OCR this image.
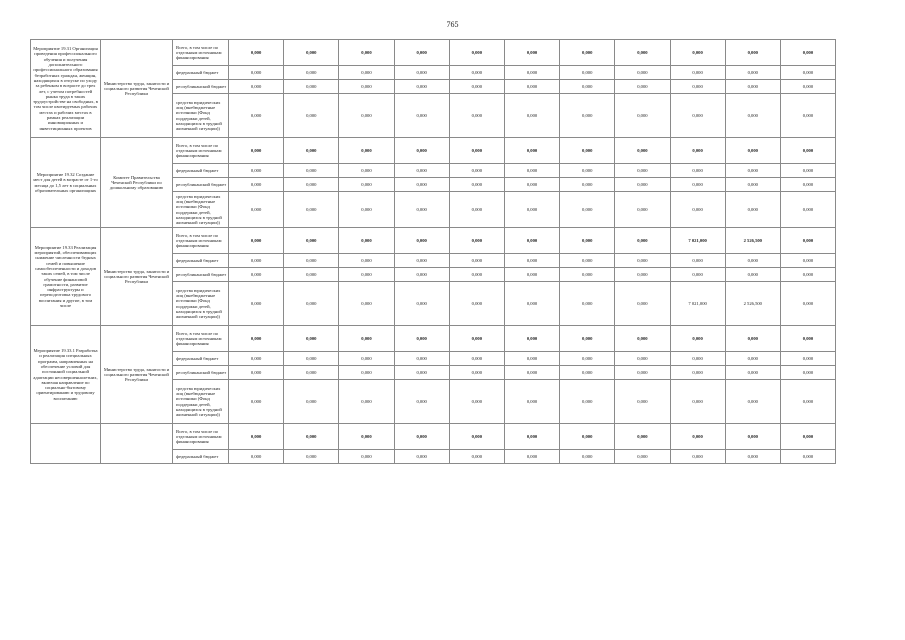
765
Мероприятие 19.31 Организация проведения профессионального обучения и получения дополнительного профессионального образования безработных граждан, женщин, находящихся в отпуске по уходу за ребенком в возрасте до трех лет, с учетом потребностей рынка труда в таких трудоустройстве на свободных, в том числе квотируемых рабочих местах и рабочих местах в рамках реализации инновационных и инвестиционных проектов	Министерство труда, занятости и социального развития Чеченской Республики	Всего, в том числе по отдельным источникам финансирования	0,000	0,000	0,000	0,000	0,000	0,000	0,000	0,000	0,000	0,000	0,000
		федеральный бюджет	0,000	0,000	0,000	0,000	0,000	0,000	0,000	0,000	0,000	0,000	0,000
		республиканский бюджет	0,000	0,000	0,000	0,000	0,000	0,000	0,000	0,000	0,000	0,000	0,000
		средства юридических лиц (внебюджетные источники (Фонд поддержки детей, находящихся в трудной жизненной ситуации))	0,000	0,000	0,000	0,000	0,000	0,000	0,000	0,000	0,000	0,000	0,000
Мероприятие 19.32 Создание мест для детей в возрасте от 1-го месяца до 1,5 лет в социальных образовательных организациях	Комитет Правительства Чеченской Республики по дошкольному образованию	Всего, в том числе по отдельным источникам финансирования	0,000	0,000	0,000	0,000	0,000	0,000	0,000	0,000	0,000	0,000	0,000
		федеральный бюджет	0,000	0,000	0,000	0,000	0,000	0,000	0,000	0,000	0,000	0,000	0,000
		республиканский бюджет	0,000	0,000	0,000	0,000	0,000	0,000	0,000	0,000	0,000	0,000	0,000
		средства юридических лиц (внебюджетные источники (Фонд поддержки детей, находящихся в трудной жизненной ситуации))	0,000	0,000	0,000	0,000	0,000	0,000	0,000	0,000	0,000	0,000	0,000
Мероприятие 19.33 Реализация мероприятий, обеспечивающих снижение численности бедных семей и повышение самообеспеченности и доходов таких семей, в том числе обучение финансовой грамотности, развитие инфраструктуры и переподготовка трудового воспитания и другие, в том числе	Министерство труда, занятости и социального развития Чеченской Республики	Всего, в том числе по отдельным источникам финансирования	0,000	0,000	0,000	0,000	0,000	0,000	0,000	0,000	7 021,000	2 526,500	0,000
		федеральный бюджет	0,000	0,000	0,000	0,000	0,000	0,000	0,000	0,000	0,000	0,000	0,000
		республиканский бюджет	0,000	0,000	0,000	0,000	0,000	0,000	0,000	0,000	0,000	0,000	0,000
		средства юридических лиц (внебюджетные источники (Фонд поддержки детей, находящихся в трудной жизненной ситуации))	0,000	0,000	0,000	0,000	0,000	0,000	0,000	0,000	7 021,000	2 526,500	0,000
Мероприятие 19.33.1 Разработка и реализация специальных программ, направленных на обеспечение условий для постоянной социальной адаптации несовершеннолетних, включая направление по социально-бытовому ориентированию и трудовому воспитанию	Министерство труда, занятости и социального развития Чеченской Республики	Всего, в том числе по отдельным источникам финансирования	0,000	0,000	0,000	0,000	0,000	0,000	0,000	0,000	0,000	0,000	0,000
		федеральный бюджет	0,000	0,000	0,000	0,000	0,000	0,000	0,000	0,000	0,000	0,000	0,000
		республиканский бюджет	0,000	0,000	0,000	0,000	0,000	0,000	0,000	0,000	0,000	0,000	0,000
		средства юридических лиц (внебюджетные источники (Фонд поддержки детей, находящихся в трудной жизненной ситуации))	0,000	0,000	0,000	0,000	0,000	0,000	0,000	0,000	0,000	0,000	0,000
		Всего, в том числе по отдельным источникам финансирования	0,000	0,000	0,000	0,000	0,000	0,000	0,000	0,000	0,000	0,000	0,000
		федеральный бюджет	0,000	0,000	0,000	0,000	0,000	0,000	0,000	0,000	0,000	0,000	0,000
